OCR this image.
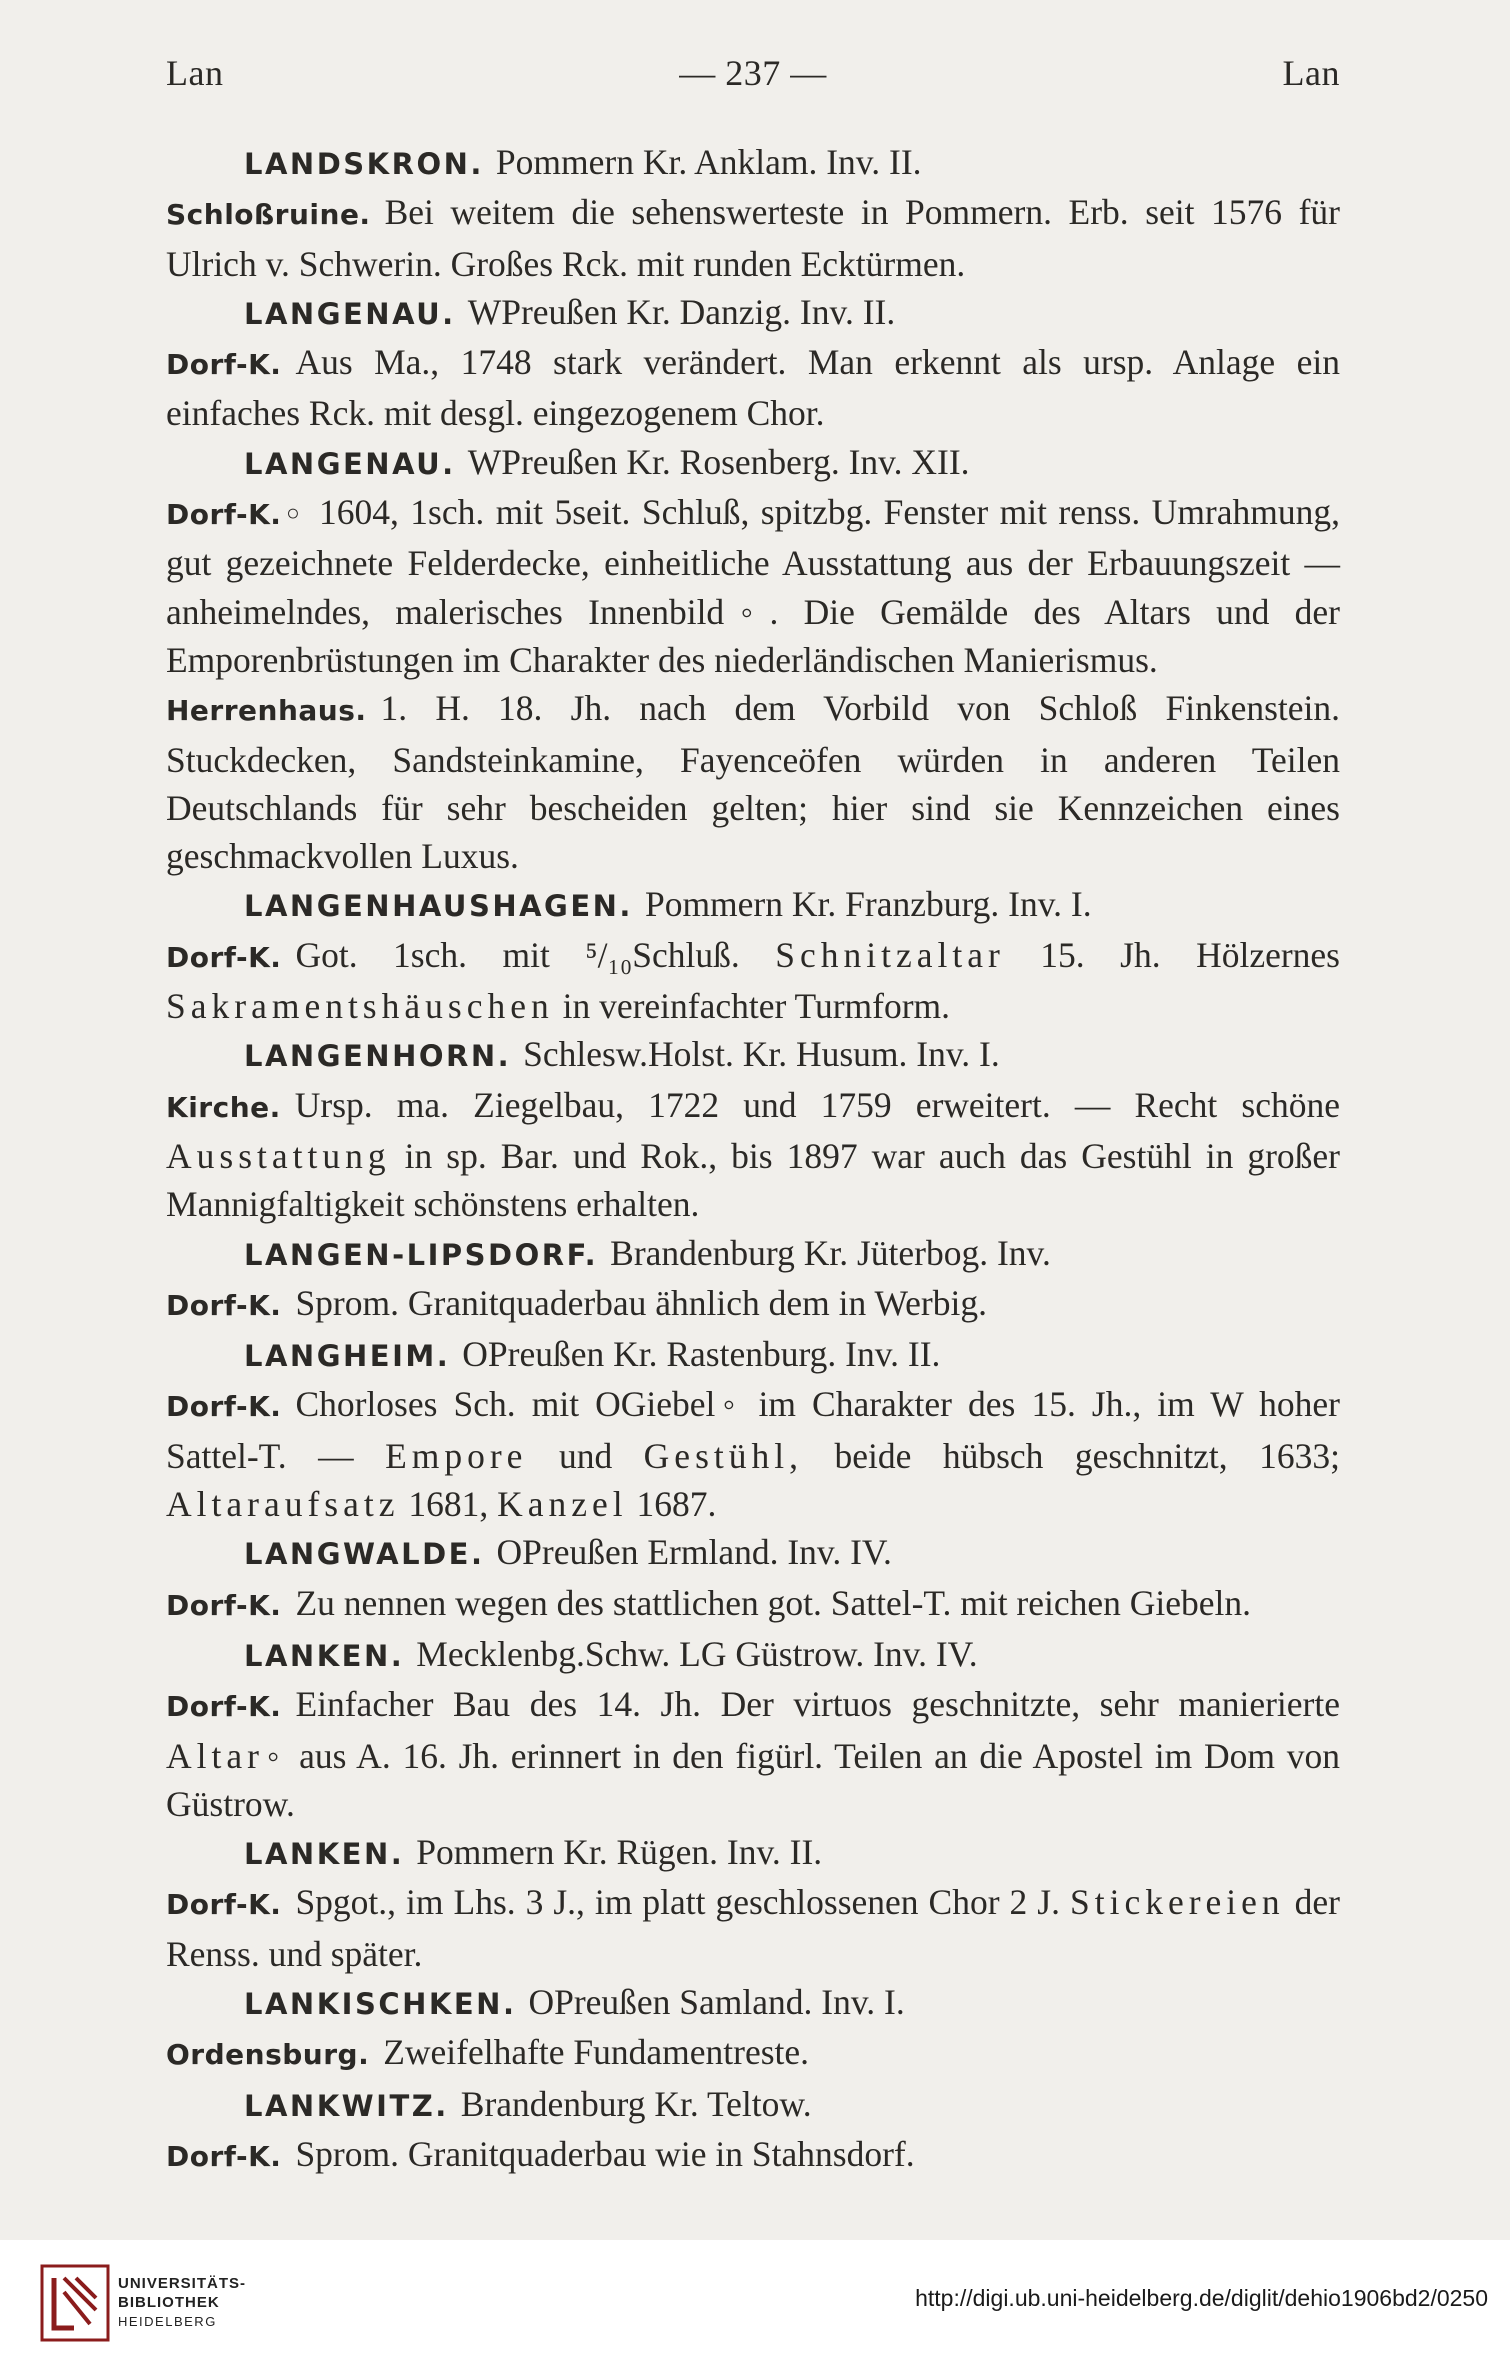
Lan	— 237 —	Lan
LANDSKRON. Pommern Kr. Anklam. Inv. II.
Schloßruine. Bei weitem die sehenswerteste in Pommern. Erb. seit 1576 für Ulrich v. Schwerin. Großes Rck. mit runden Ecktürmen.
LANGENAU. WPreußen Kr. Danzig. Inv. II.
Dorf-K. Aus Ma., 1748 stark verändert. Man erkennt als ursp. Anlage ein einfaches Rck. mit desgl. eingezogenem Chor.
LANGENAU. WPreußen Kr. Rosenberg. Inv. XII.
Dorf-K.◦ 1604, 1sch. mit 5seit. Schluß, spitzbg. Fenster mit renss. Umrahmung, gut gezeichnete Felderdecke, einheitliche Ausstattung aus der Erbauungszeit — anheimelndes, malerisches Innenbild◦. Die Gemälde des Altars und der Emporenbrüstungen im Charakter des niederländischen Manierismus.
Herrenhaus. 1. H. 18. Jh. nach dem Vorbild von Schloß Finkenstein. Stuckdecken, Sandsteinkamine, Fayenceöfen würden in anderen Teilen Deutschlands für sehr bescheiden gelten; hier sind sie Kennzeichen eines geschmackvollen Luxus.
LANGENHAUSHAGEN. Pommern Kr. Franzburg. Inv. I.
Dorf-K. Got. 1sch. mit ⁵/₁₀Schluß. Schnitzaltar 15. Jh. Hölzernes Sakramentshäuschen in vereinfachter Turmform.
LANGENHORN. Schlesw.Holst. Kr. Husum. Inv. I.
Kirche. Ursp. ma. Ziegelbau, 1722 und 1759 erweitert. — Recht schöne Ausstattung in sp. Bar. und Rok., bis 1897 war auch das Gestühl in großer Mannigfaltigkeit schönstens erhalten.
LANGEN-LIPSDORF. Brandenburg Kr. Jüterbog. Inv.
Dorf-K. Sprom. Granitquaderbau ähnlich dem in Werbig.
LANGHEIM. OPreußen Kr. Rastenburg. Inv. II.
Dorf-K. Chorloses Sch. mit OGiebel◦ im Charakter des 15. Jh., im W hoher Sattel-T. — Empore und Gestühl, beide hübsch geschnitzt, 1633; Altaraufsatz 1681, Kanzel 1687.
LANGWALDE. OPreußen Ermland. Inv. IV.
Dorf-K. Zu nennen wegen des stattlichen got. Sattel-T. mit reichen Giebeln.
LANKEN. Mecklenbg.Schw. LG Güstrow. Inv. IV.
Dorf-K. Einfacher Bau des 14. Jh. Der virtuos geschnitzte, sehr manierierte Altar◦ aus A. 16. Jh. erinnert in den figürl. Teilen an die Apostel im Dom von Güstrow.
LANKEN. Pommern Kr. Rügen. Inv. II.
Dorf-K. Spgot., im Lhs. 3 J., im platt geschlossenen Chor 2 J. Stickereien der Renss. und später.
LANKISCHKEN. OPreußen Samland. Inv. I.
Ordensburg. Zweifelhafte Fundamentreste.
LANKWITZ. Brandenburg Kr. Teltow.
Dorf-K. Sprom. Granitquaderbau wie in Stahnsdorf.
UNIVERSITÄTS-
BIBLIOTHEK
HEIDELBERG
http://digi.ub.uni-heidelberg.de/diglit/dehio1906bd2/0250
